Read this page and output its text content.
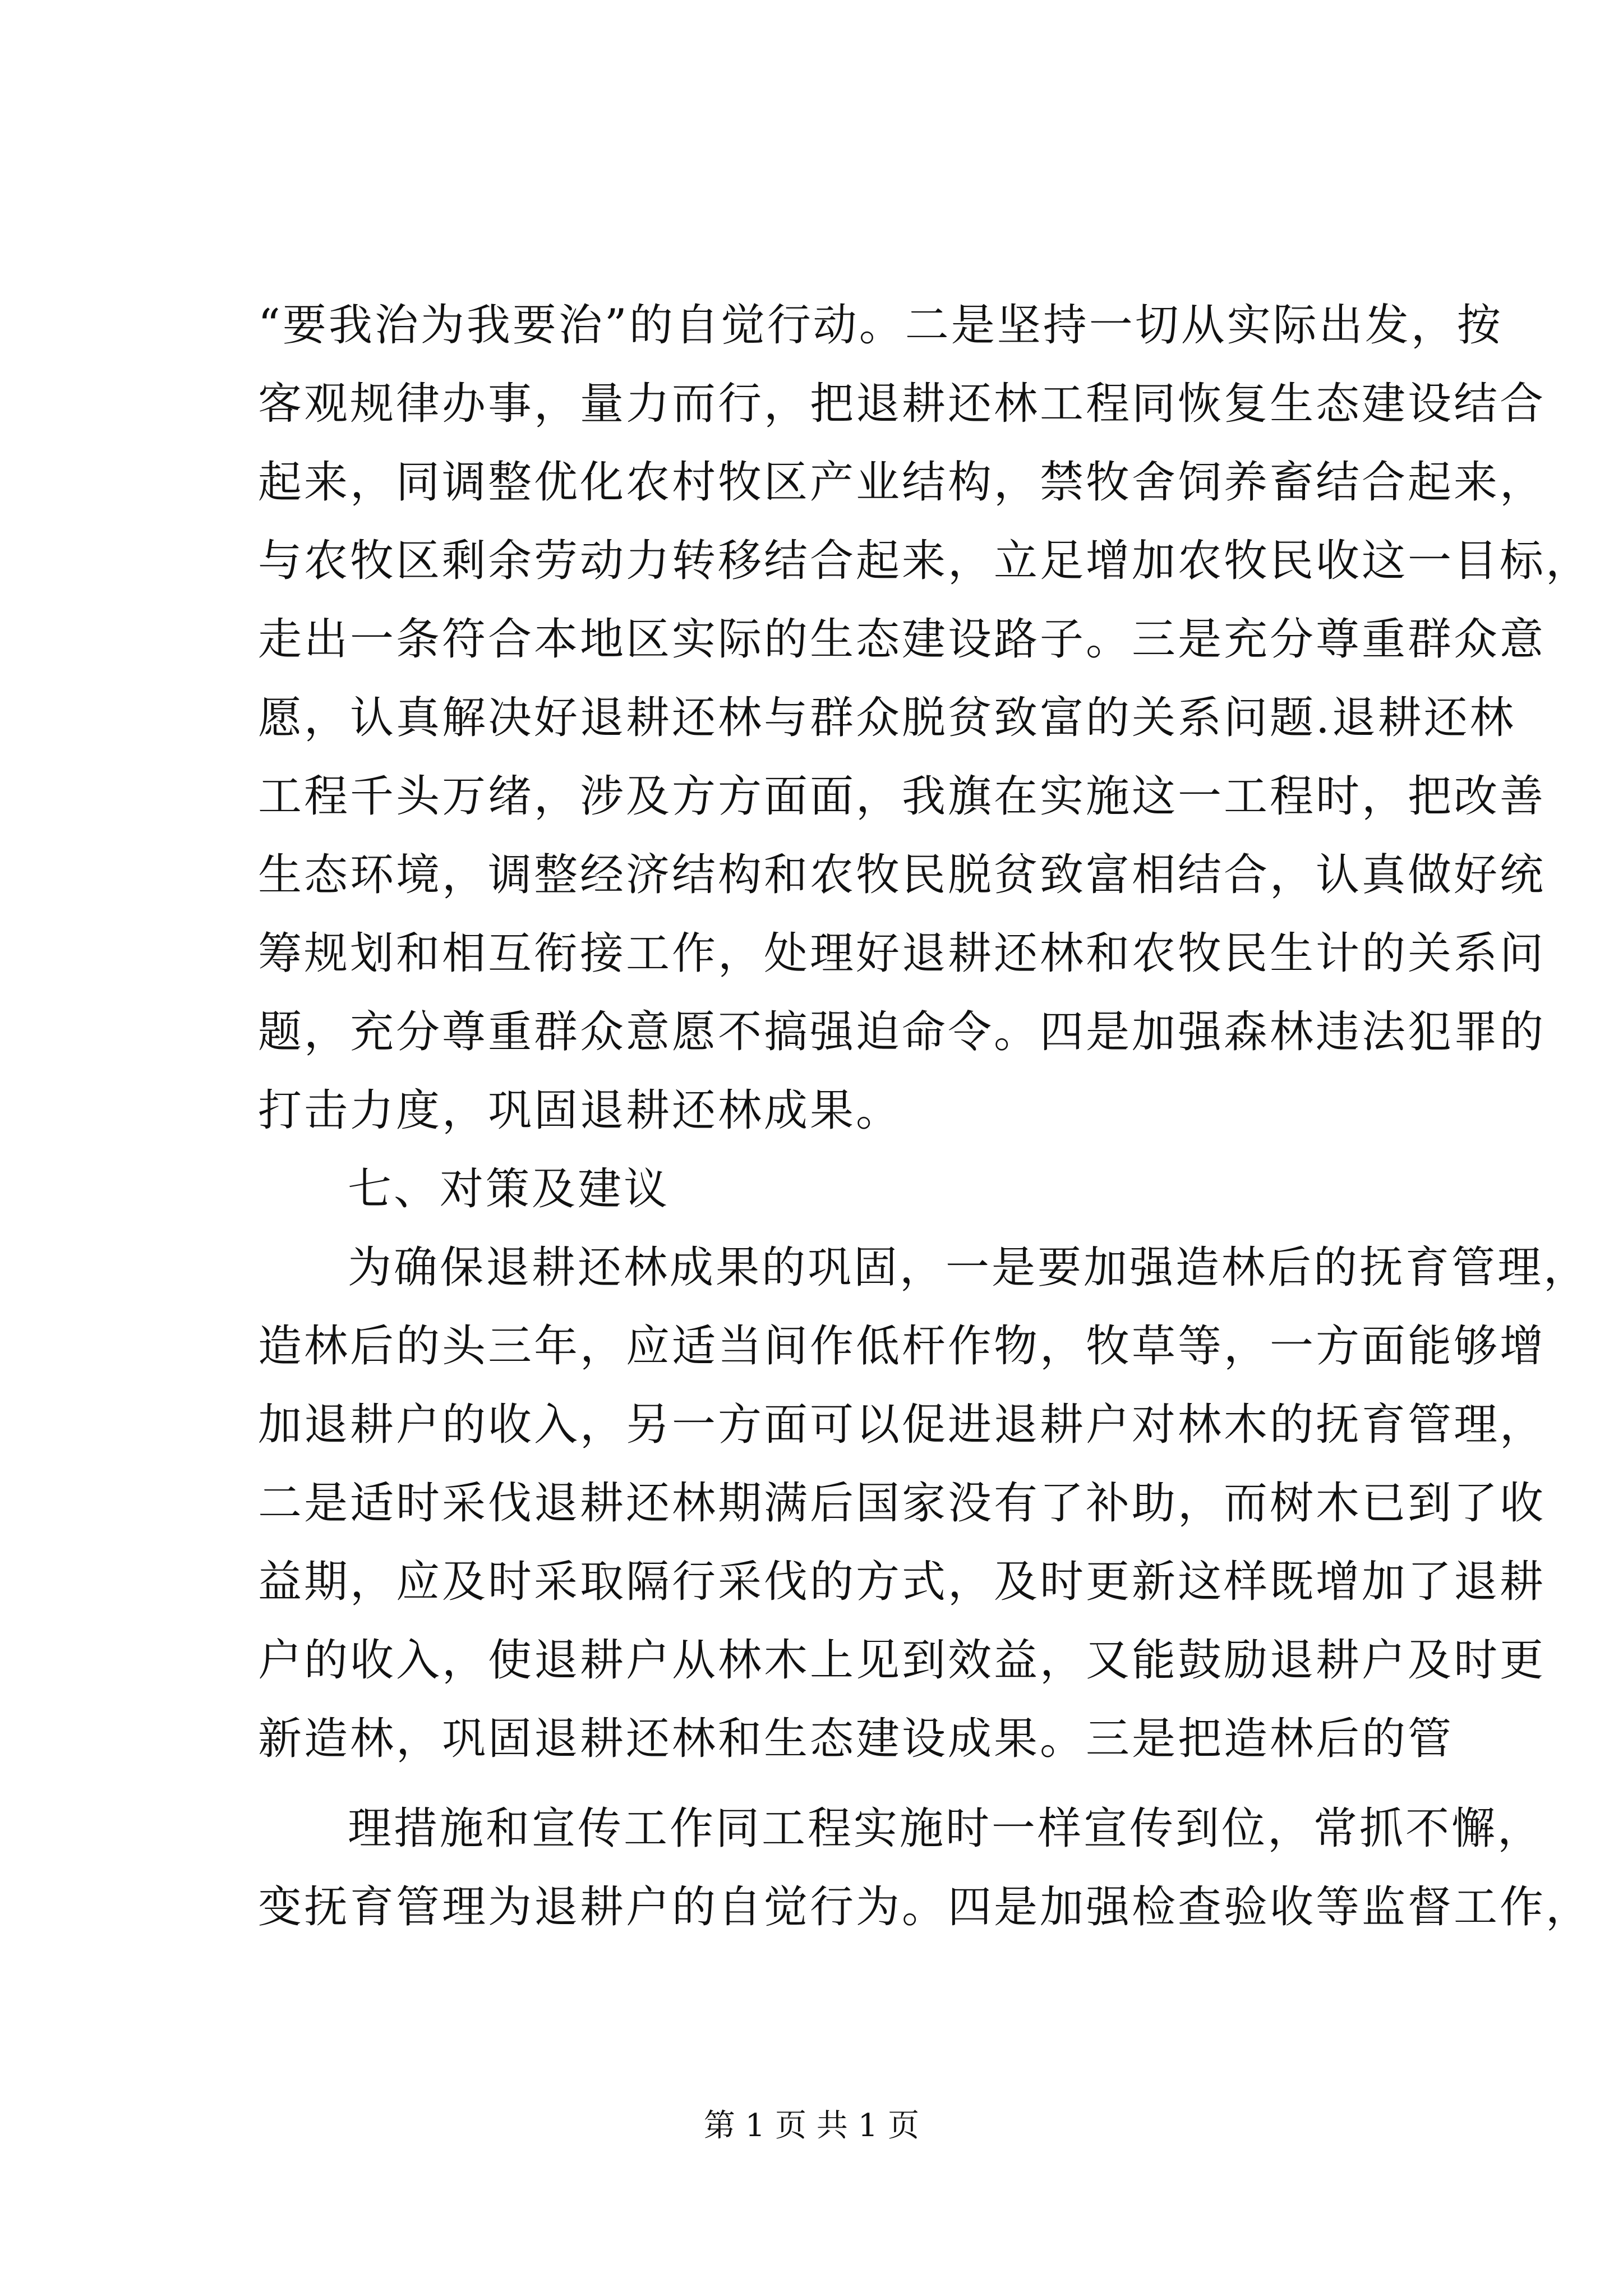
“要我治为我要治”的自觉行动。二是坚持一切从实际出发，按
客观规律办事，量力而行，把退耕还林工程同恢复生态建设结合
起来，同调整优化农村牧区产业结构，禁牧舍饲养畜结合起来，
与农牧区剩余劳动力转移结合起来，立足增加农牧民收这一目标，
走出一条符合本地区实际的生态建设路子。三是充分尊重群众意
愿，认真解决好退耕还林与群众脱贫致富的关系问题.退耕还林
工程千头万绪，涉及方方面面，我旗在实施这一工程时，把改善
生态环境，调整经济结构和农牧民脱贫致富相结合，认真做好统
筹规划和相互衔接工作，处理好退耕还林和农牧民生计的关系问
题，充分尊重群众意愿不搞强迫命令。四是加强森林违法犯罪的
打击力度，巩固退耕还林成果。
七、对策及建议
为确保退耕还林成果的巩固，一是要加强造林后的抚育管理，
造林后的头三年，应适当间作低杆作物，牧草等，一方面能够增
加退耕户的收入，另一方面可以促进退耕户对林木的抚育管理，
二是适时采伐退耕还林期满后国家没有了补助，而树木已到了收
益期，应及时采取隔行采伐的方式，及时更新这样既增加了退耕
户的收入，使退耕户从林木上见到效益，又能鼓励退耕户及时更
新造林，巩固退耕还林和生态建设成果。三是把造林后的管
理措施和宣传工作同工程实施时一样宣传到位，常抓不懈，
变抚育管理为退耕户的自觉行为。四是加强检查验收等监督工作，
第 1 页 共 1 页
